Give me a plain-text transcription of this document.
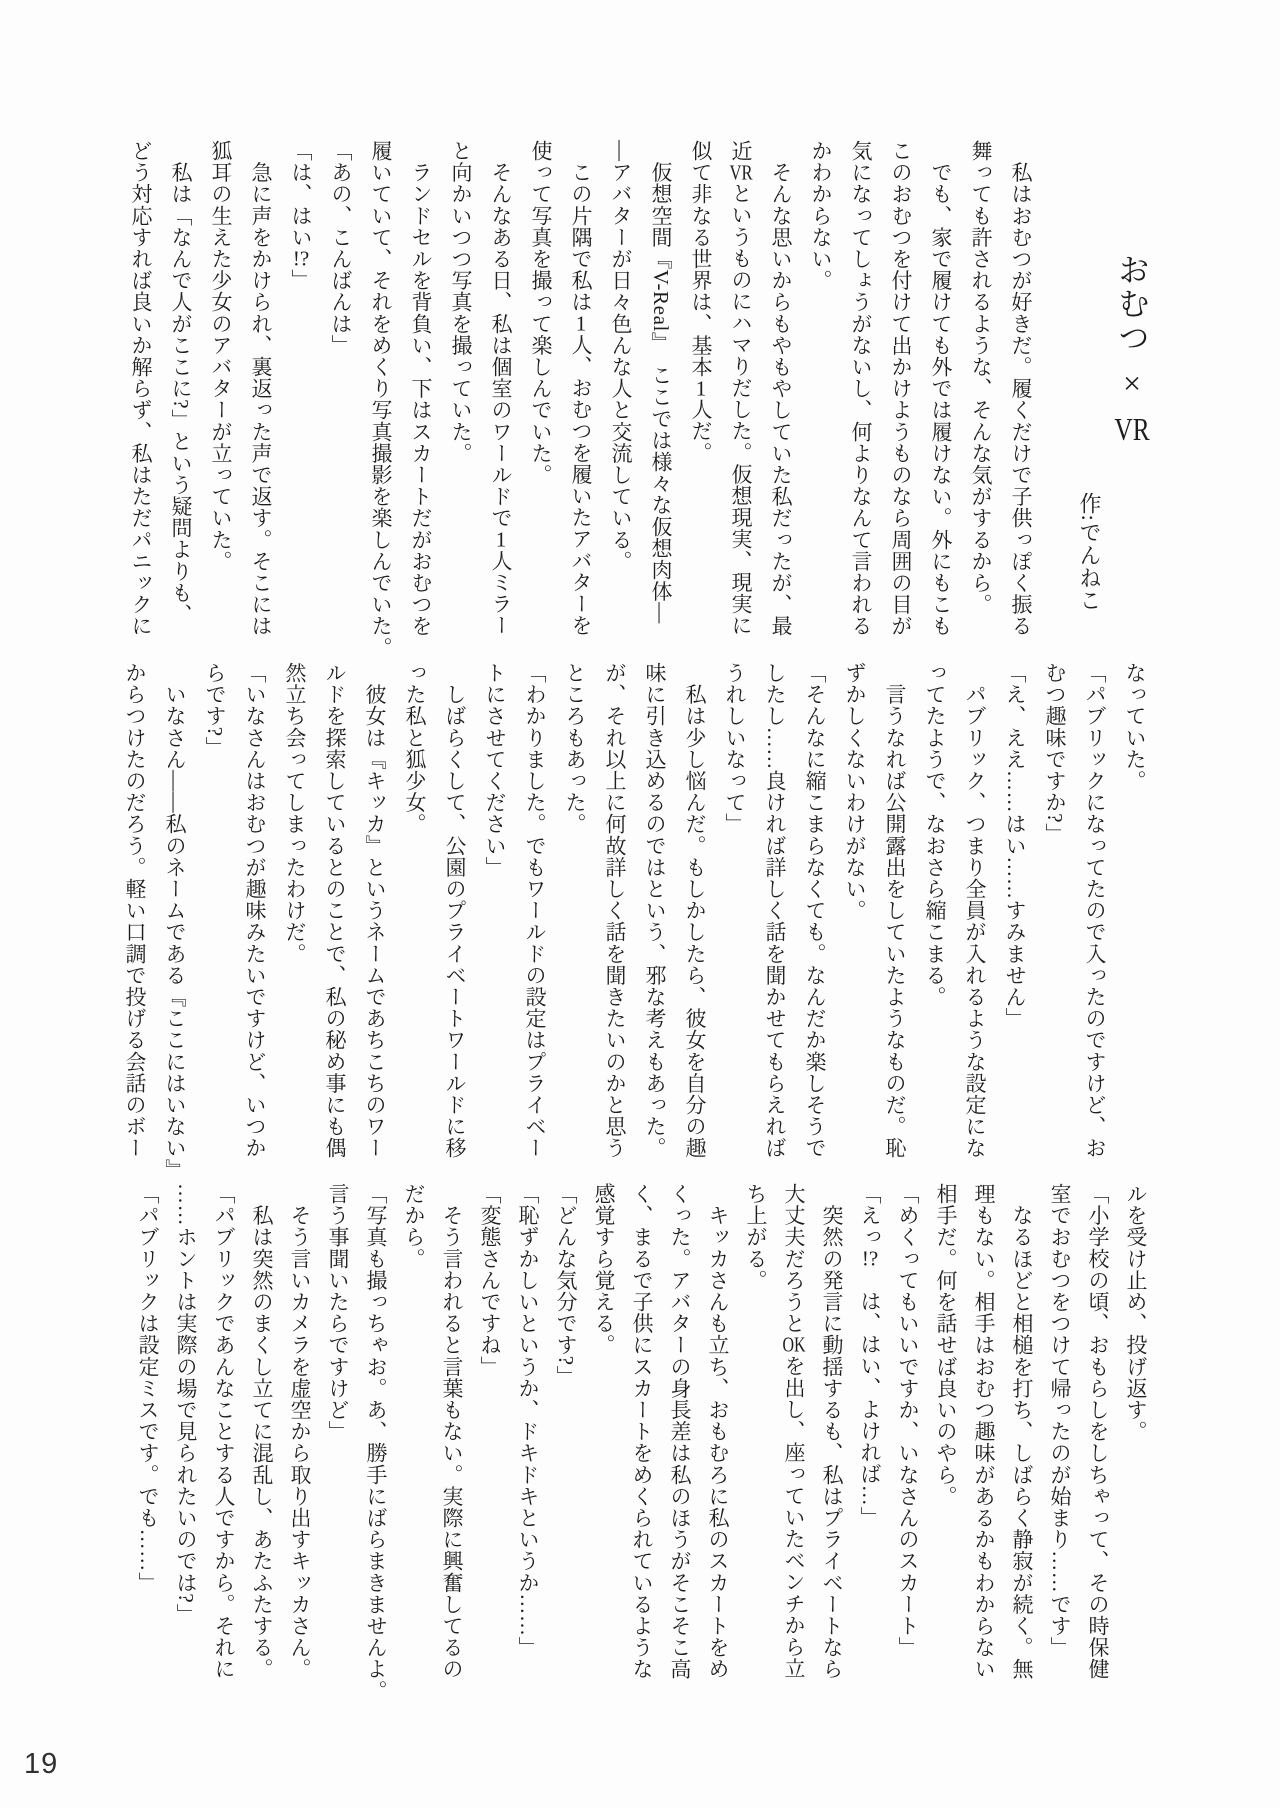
おむつ × VR
作:でんねこ
　私はおむつが好きだ。履くだけで子供っぽく振る
舞っても許されるような、そんな気がするから。
　でも、家で履けても外では履けない。外にもこも
このおむつを付けて出かけようものなら周囲の目が
気になってしょうがないし、何よりなんて言われる
かわからない。
　そんな思いからもやもやしていた私だったが、最
近VRというものにハマりだした。仮想現実、現実に
似て非なる世界は、基本1人だ。
　仮想空間『V-Real』　ここでは様々な仮想肉体―
―アバターが日々色んな人と交流している。
　この片隅で私は1人、おむつを履いたアバターを
使って写真を撮って楽しんでいた。
　そんなある日、私は個室のワールドで1人ミラー
と向かいつつ写真を撮っていた。
　ランドセルを背負い、下はスカートだがおむつを
履いていて、それをめくり写真撮影を楽しんでいた。
「あの、こんばんは」
「は、はい!?」
　急に声をかけられ、裏返った声で返す。そこには
狐耳の生えた少女のアバターが立っていた。
　私は「なんで人がここに?」という疑問よりも、
どう対応すれば良いか解らず、私はただパニックに
なっていた。
「パブリックになってたので入ったのですけど、お
むつ趣味ですか?」
「え、ええ……はい……すみません」
　パブリック、つまり全員が入れるような設定にな
ってたようで、なおさら縮こまる。
　言うなれば公開露出をしていたようなものだ。恥
ずかしくないわけがない。
「そんなに縮こまらなくても。なんだか楽しそうで
したし……良ければ詳しく話を聞かせてもらえれば
うれしいなって」
　私は少し悩んだ。もしかしたら、彼女を自分の趣
味に引き込めるのではという、邪な考えもあった。
が、それ以上に何故詳しく話を聞きたいのかと思う
ところもあった。
「わかりました。でもワールドの設定はプライベー
トにさせてください」
　しばらくして、公園のプライベートワールドに移
った私と狐少女。
　彼女は『キッカ』というネームであちこちのワー
ルドを探索しているとのことで、私の秘め事にも偶
然立ち会ってしまったわけだ。
「いなさんはおむつが趣味みたいですけど、いつか
らです?」
　いなさん――私のネームである『ここにはいない』
からつけたのだろう。軽い口調で投げる会話のボー
ルを受け止め、投げ返す。
「小学校の頃、おもらしをしちゃって、その時保健
室でおむつをつけて帰ったのが始まり……です」
　なるほどと相槌を打ち、しばらく静寂が続く。無
理もない。相手はおむつ趣味があるかもわからない
相手だ。何を話せば良いのやら。
「めくってもいいですか、いなさんのスカート」
「えっ!?　は、はい、よければ…」
　突然の発言に動揺するも、私はプライベートなら
大丈夫だろうとOKを出し、座っていたベンチから立
ち上がる。
　キッカさんも立ち、おもむろに私のスカートをめ
くった。アバターの身長差は私のほうがそこそこ高
く、まるで子供にスカートをめくられているような
感覚すら覚える。
「どんな気分です?」
「恥ずかしいというか、ドキドキというか……」
「変態さんですね」
　そう言われると言葉もない。実際に興奮してるの
だから。
「写真も撮っちゃお。あ、勝手にばらまきませんよ。
言う事聞いたらですけど」
　そう言いカメラを虚空から取り出すキッカさん。
　私は突然のまくし立てに混乱し、あたふたする。
「パブリックであんなことする人ですから。それに
……ホントは実際の場で見られたいのでは?」
「パブリックは設定ミスです。でも……」
19
